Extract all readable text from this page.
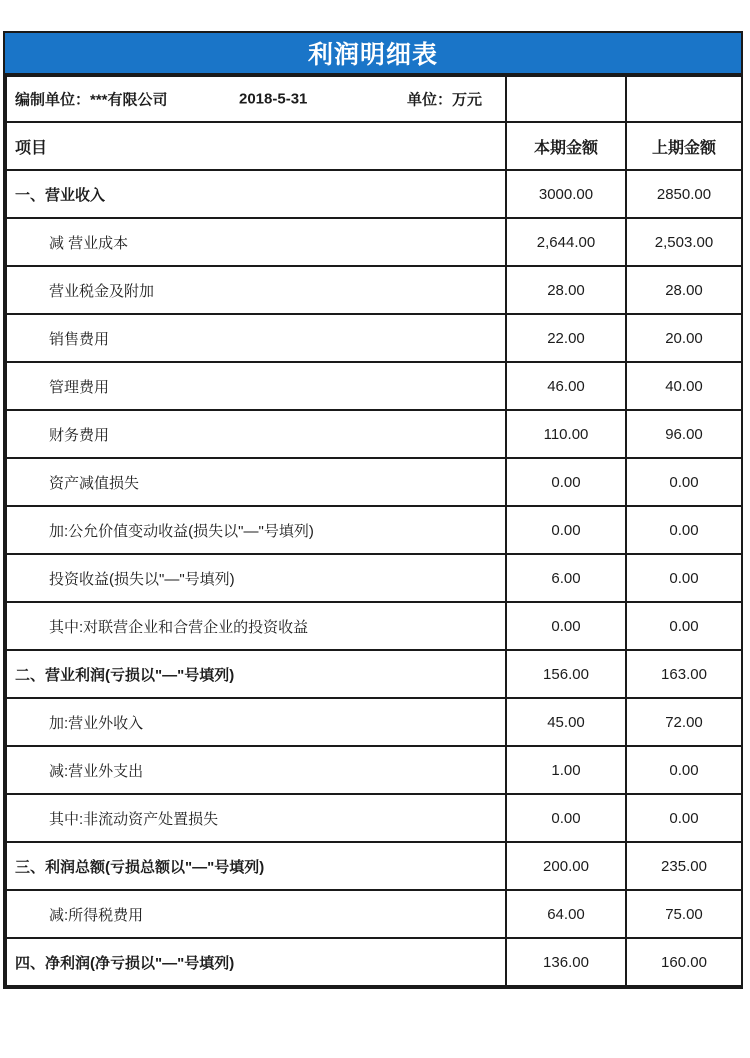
利润明细表
编制单位：***有限公司 2018-5-31 单位：万元		

项目	本期金额	上期金额
一、营业收入	3000.00	2850.00
减 营业成本	2,644.00	2,503.00
营业税金及附加	28.00	28.00
销售费用	22.00	20.00
管理费用	46.00	40.00
财务费用	110.00	96.00
资产减值损失	0.00	0.00
加:公允价值变动收益(损失以"—"号填列)	0.00	0.00
投资收益(损失以"—"号填列)	6.00	0.00
其中:对联营企业和合营企业的投资收益	0.00	0.00
二、营业利润(亏损以"—"号填列)	156.00	163.00
加:营业外收入	45.00	72.00
减:营业外支出	1.00	0.00
其中:非流动资产处置损失	0.00	0.00
三、利润总额(亏损总额以"—"号填列)	200.00	235.00
减:所得税费用	64.00	75.00
四、净利润(净亏损以"—"号填列)	136.00	160.00
